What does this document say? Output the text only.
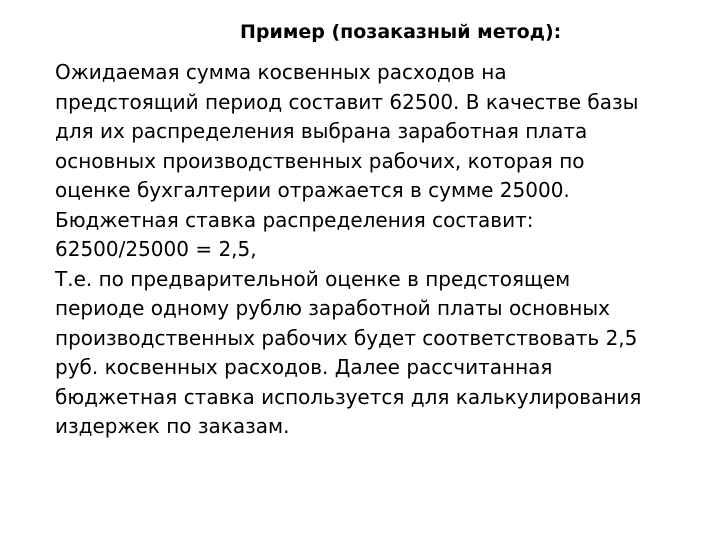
Пример (позаказный метод):
Ожидаемая сумма косвенных расходов на
предстоящий период составит 62500. В качестве базы
для их распределения выбрана заработная плата
основных производственных рабочих, которая по
оценке бухгалтерии отражается в сумме 25000.
Бюджетная ставка распределения составит:
62500/25000 = 2,5,
Т.е. по предварительной оценке в предстоящем
периоде одному рублю заработной платы основных
производственных рабочих будет соответствовать 2,5
руб. косвенных расходов. Далее рассчитанная
бюджетная ставка используется для калькулирования
издержек по заказам.
